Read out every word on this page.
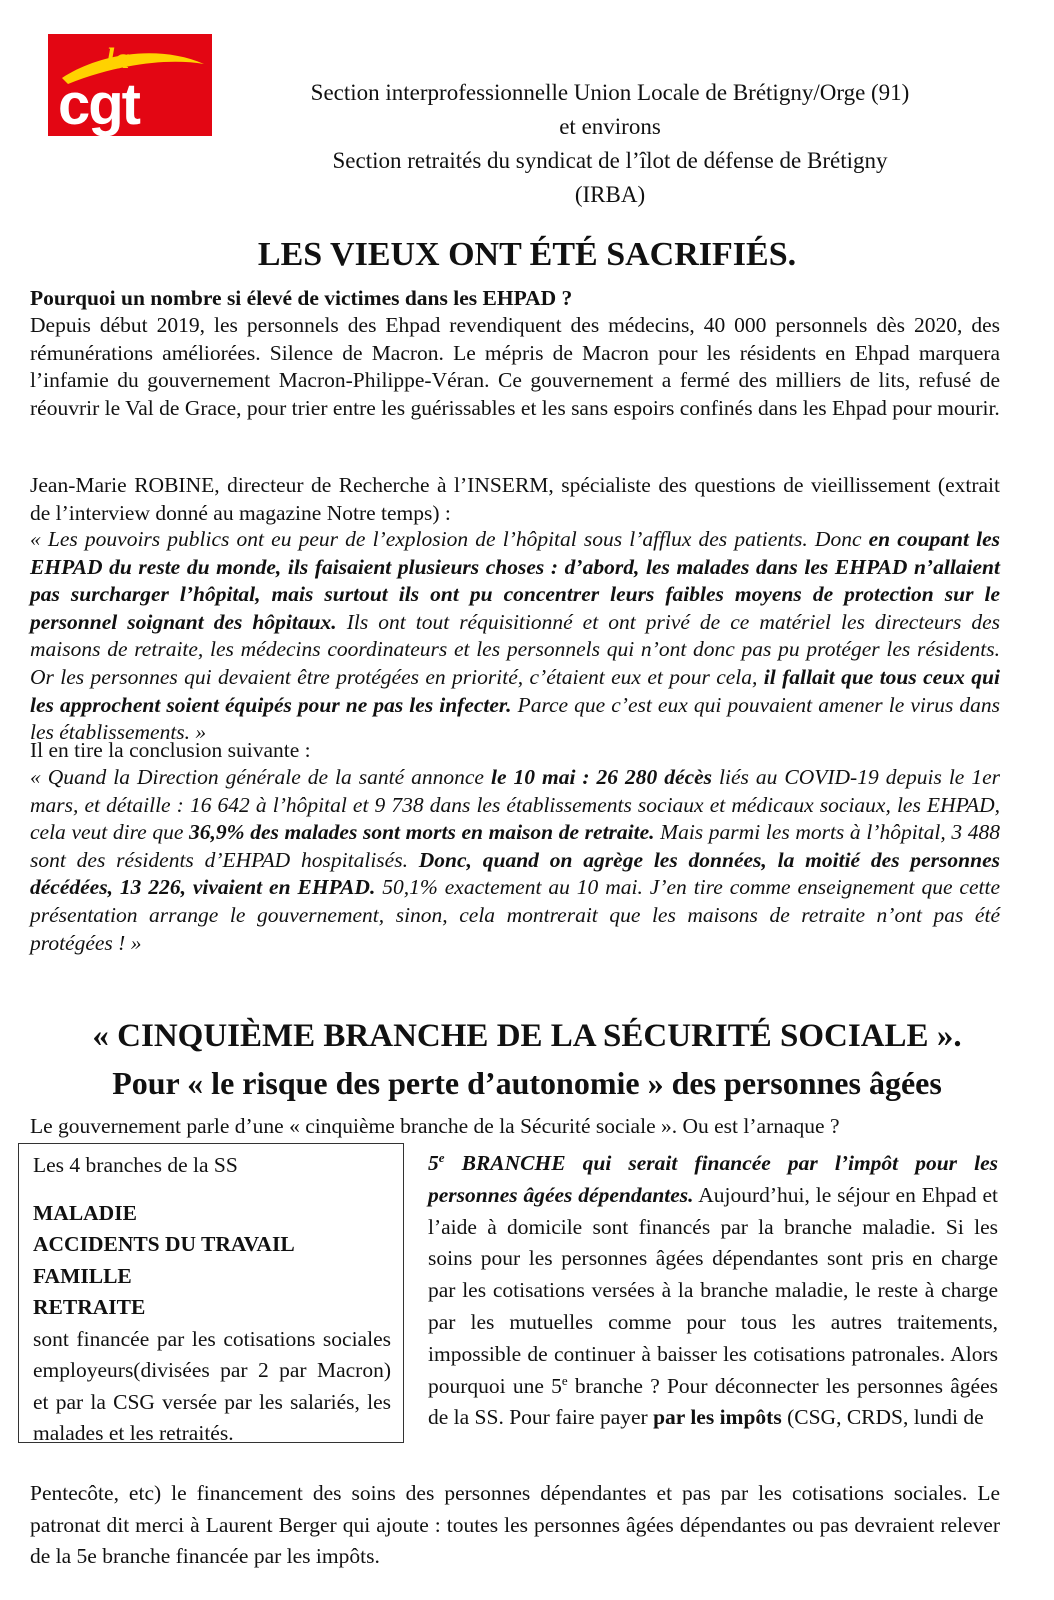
la
cgt	Section interprofessionnelle Union Locale de Brétigny/Orge (91)
et environs
Section retraités du syndicat de l’îlot de défense de Brétigny
(IRBA)
LES VIEUX ONT ÉTÉ SACRIFIÉS.

Pourquoi un nombre si élevé de victimes dans les EHPAD ?

Depuis début 2019, les personnels des Ehpad revendiquent des médecins, 40 000 personnels dès 2020, des rémunérations améliorées. Silence de Macron. Le mépris de Macron pour les résidents en Ehpad marquera l’infamie du gouvernement Macron-Philippe-Véran. Ce gouvernement a fermé des milliers de lits, refusé de réouvrir le Val de Grace, pour trier entre les guérissables et les sans espoirs confinés dans les Ehpad pour mourir.

Jean-Marie ROBINE, directeur de Recherche à l’INSERM, spécialiste des questions de vieillissement (extrait de l’interview donné au magazine Notre temps) :

« Les pouvoirs publics ont eu peur de l’explosion de l’hôpital sous l’afflux des patients. Donc en coupant les EHPAD du reste du monde, ils faisaient plusieurs choses : d’abord, les malades dans les EHPAD n’allaient pas surcharger l’hôpital, mais surtout ils ont pu concentrer leurs faibles moyens de protection sur le personnel soignant des hôpitaux. Ils ont tout réquisitionné et ont privé de ce matériel les directeurs des maisons de retraite, les médecins coordinateurs et les personnels qui n’ont donc pas pu protéger les résidents. Or les personnes qui devaient être protégées en priorité, c’étaient eux et pour cela, il fallait que tous ceux qui les approchent soient équipés pour ne pas les infecter. Parce que c’est eux qui pouvaient amener le virus dans les établissements. »

Il en tire la conclusion suivante :

« Quand la Direction générale de la santé annonce le 10 mai : 26 280 décès liés au COVID-19 depuis le 1er mars, et détaille : 16 642 à l’hôpital et 9 738 dans les établissements sociaux et médicaux sociaux, les EHPAD, cela veut dire que 36,9% des malades sont morts en maison de retraite. Mais parmi les morts à l’hôpital, 3 488 sont des résidents d’EHPAD hospitalisés. Donc, quand on agrège les données, la moitié des personnes décédées, 13 226, vivaient en EHPAD. 50,1% exactement au 10 mai. J’en tire comme enseignement que cette présentation arrange le gouvernement, sinon, cela montrerait que les maisons de retraite n’ont pas été protégées ! »

« CINQUIÈME BRANCHE DE LA SÉCURITÉ SOCIALE ».
Pour « le risque des perte d’autonomie » des personnes âgées

Le gouvernement parle d’une « cinquième branche de la Sécurité sociale ». Ou est l’arnaque ?

Les 4 branches de la SS

MALADIE

ACCIDENTS DU TRAVAIL

FAMILLE

RETRAITE

sont financée par les cotisations sociales employeurs(divisées par 2 par Macron) et par la CSG versée par les salariés, les malades et les retraités.

5e BRANCHE qui serait financée par l’impôt pour les personnes âgées dépendantes. Aujourd’hui, le séjour en Ehpad et l’aide à domicile sont financés par la branche maladie. Si les soins pour les personnes âgées dépendantes sont pris en charge par les cotisations versées à la branche maladie, le reste à charge par les mutuelles comme pour tous les autres traitements, impossible de continuer à baisser les cotisations patronales. Alors pourquoi une 5e branche ? Pour déconnecter les personnes âgées de la SS. Pour faire payer par les impôts (CSG, CRDS, lundi de

Pentecôte, etc) le financement des soins des personnes dépendantes et pas par les cotisations sociales. Le patronat dit merci à Laurent Berger qui ajoute : toutes les personnes âgées dépendantes ou pas devraient relever de la 5e branche financée par les impôts.
